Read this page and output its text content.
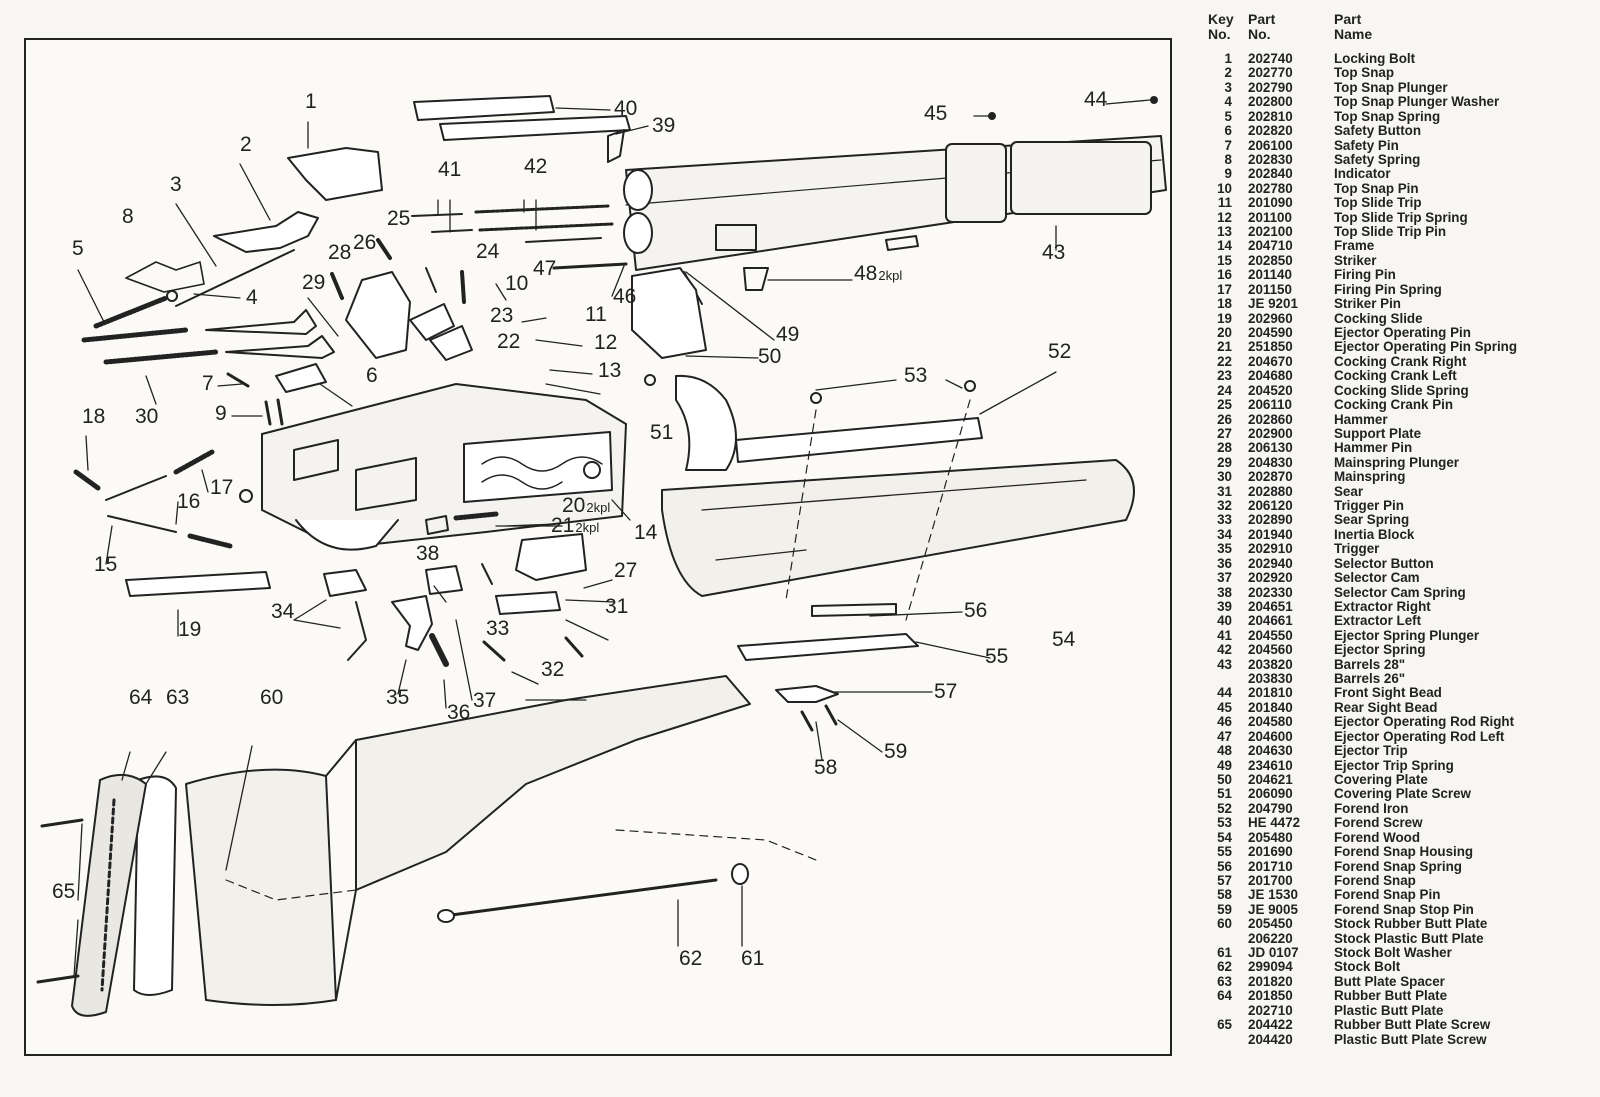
1
2
3
4
5
6
7
8
9
10
11
12
13
14
15
16
17
18
19
202kpl
212kpl
22
23
24
25
26
27
28
29
30
31
32
33
34
35
36
37
38
39
40
41	42
43
44
45
46
47	482kpl
49
50
51
52
53
54
55
56
57
58
59
60
61
62
63
64
65
Key
No.
Part
No.
Part
Name
1 202740	Locking Bolt
2 202770	Top Snap
3 202790	Top Snap Plunger
4 202800	Top Snap Plunger Washer
5 202810	Top Snap Spring
6 202820	Safety Button
7 206100	Safety Pin
8 202830	Safety Spring
9 202840	Indicator
10 202780	Top Snap Pin
11 201090	Top Slide Trip
12 201100	Top Slide Trip Spring
13 202100	Top Slide Trip Pin
14 204710	Frame
15 202850	Striker
16 201140	Firing Pin
17 201150	Firing Pin Spring
18 JE 9201	Striker Pin
19 202960	Cocking Slide
20 204590	Ejector Operating Pin
21 251850	Ejector Operating Pin Spring
22 204670	Cocking Crank Right
23 204680	Cocking Crank Left
24 204520	Cocking Slide Spring
25 206110	Cocking Crank Pin
26 202860	Hammer
27 202900	Support Plate
28 206130	Hammer Pin
29 204830	Mainspring Plunger
30 202870	Mainspring
31 202880	Sear
32 206120	Trigger Pin
33 202890	Sear Spring
34 201940	Inertia Block
35 202910	Trigger
36 202940	Selector Button
37 202920	Selector Cam
38 202330	Selector Cam Spring
39 204651	Extractor Right
40 204661	Extractor Left
41 204550	Ejector Spring Plunger
42 204560	Ejector Spring
43 203820	Barrels 28"
203830	Barrels 26"
44 201810	Front Sight Bead
45 201840	Rear Sight Bead
46 204580	Ejector Operating Rod Right
47 204600	Ejector Operating Rod Left
48 204630	Ejector Trip
49 234610	Ejector Trip Spring
50 204621	Covering Plate
51 206090	Covering Plate Screw
52 204790	Forend Iron
53 HE 4472	Forend Screw
54 205480	Forend Wood
55 201690	Forend Snap Housing
56 201710	Forend Snap Spring
57 201700	Forend Snap
58 JE 1530	Forend Snap Pin
59 JE 9005	Forend Snap Stop Pin
60 205450	Stock Rubber Butt Plate
206220	Stock Plastic Butt Plate
61 JD 0107	Stock Bolt Washer
62 299094	Stock Bolt
63 201820	Butt Plate Spacer
64 201850	Rubber Butt Plate
202710	Plastic Butt Plate
65 204422	Rubber Butt Plate Screw
204420	Plastic Butt Plate Screw
